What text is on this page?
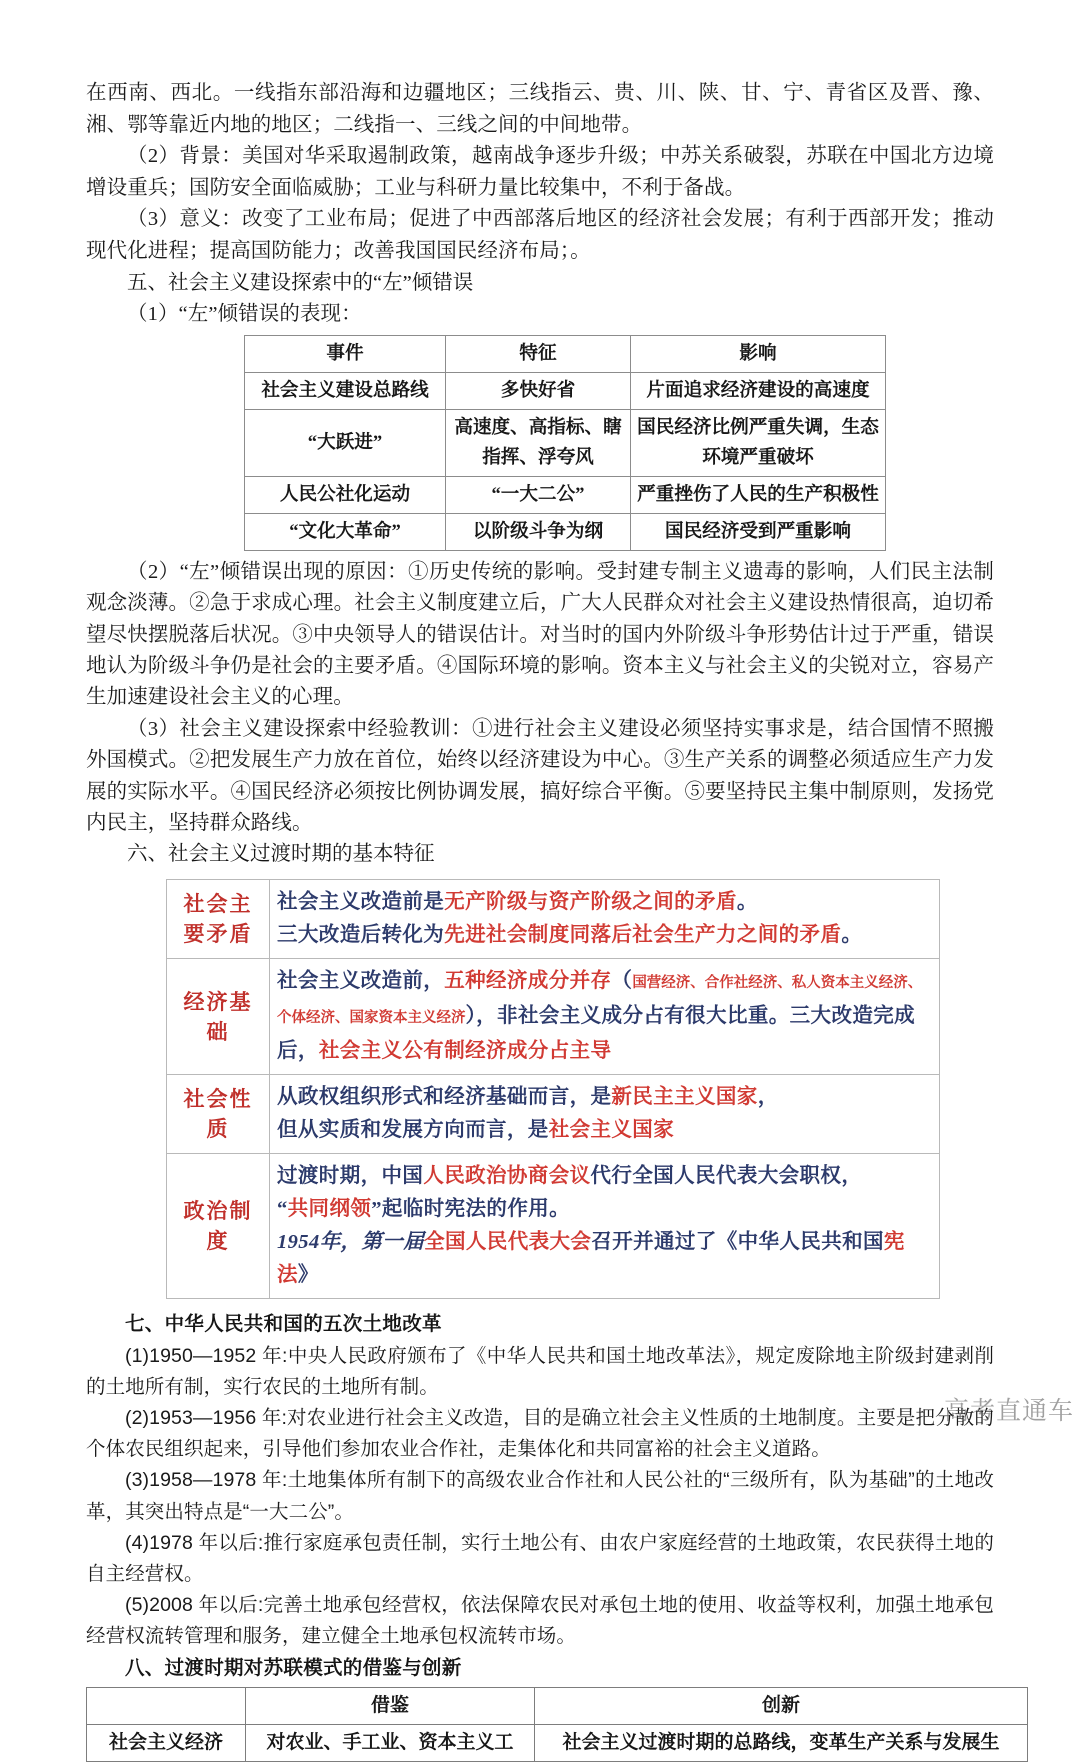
在西南、西北。一线指东部沿海和边疆地区；三线指云、贵、川、陕、甘、宁、青省区及晋、豫、湘、鄂等靠近内地的地区；二线指一、三线之间的中间地带。

（2）背景：美国对华采取遏制政策，越南战争逐步升级；中苏关系破裂，苏联在中国北方边境增设重兵；国防安全面临威胁；工业与科研力量比较集中，不利于备战。

（3）意义：改变了工业布局；促进了中西部落后地区的经济社会发展；有利于西部开发；推动现代化进程；提高国防能力；改善我国国民经济布局；。

五、社会主义建设探索中的“左”倾错误

（1）“左”倾错误的表现：

事件	特征	影响
社会主义建设总路线	多快好省	片面追求经济建设的高速度
“大跃进”	高速度、高指标、瞎指挥、浮夸风	国民经济比例严重失调，生态环境严重破坏
人民公社化运动	“一大二公”	严重挫伤了人民的生产积极性
“文化大革命”	以阶级斗争为纲	国民经济受到严重影响

（2）“左”倾错误出现的原因：①历史传统的影响。受封建专制主义遗毒的影响，人们民主法制观念淡薄。②急于求成心理。社会主义制度建立后，广大人民群众对社会主义建设热情很高，迫切希望尽快摆脱落后状况。③中央领导人的错误估计。对当时的国内外阶级斗争形势估计过于严重，错误地认为阶级斗争仍是社会的主要矛盾。④国际环境的影响。资本主义与社会主义的尖锐对立，容易产生加速建设社会主义的心理。

（3）社会主义建设探索中经验教训：①进行社会主义建设必须坚持实事求是，结合国情不照搬外国模式。②把发展生产力放在首位，始终以经济建设为中心。③生产关系的调整必须适应生产力发展的实际水平。④国民经济必须按比例协调发展，搞好综合平衡。⑤要坚持民主集中制原则，发扬党内民主，坚持群众路线。

六、社会主义过渡时期的基本特征
社会主要矛盾	社会主义改造前是无产阶级与资产阶级之间的矛盾。
三大改造后转化为先进社会制度同落后社会生产力之间的矛盾。

经济基础	社会主义改造前，五种经济成分并存（国营经济、合作社经济、私人资本主义经济、个体经济、国家资本主义经济），非社会主义成分占有很大比重。三大改造完成后，社会主义公有制经济成分占主导

社会性质	从政权组织形式和经济基础而言，是新民主主义国家，
但从实质和发展方向而言，是社会主义国家

政治制度	过渡时期，中国人民政治协商会议代行全国人民代表大会职权，
“共同纲领”起临时宪法的作用。
1954年，第一届全国人民代表大会召开并通过了《中华人民共和国宪法》
七、中华人民共和国的五次土地改革

(1)1950—1952 年:中央人民政府颁布了《中华人民共和国土地改革法》，规定废除地主阶级封建剥削的土地所有制，实行农民的土地所有制。

(2)1953—1956 年:对农业进行社会主义改造，目的是确立社会主义性质的土地制度。主要是把分散的个体农民组织起来，引导他们参加农业合作社，走集体化和共同富裕的社会主义道路。

(3)1958—1978 年:土地集体所有制下的高级农业合作社和人民公社的“三级所有，队为基础”的土地改革，其突出特点是“一大二公”。

(4)1978 年以后:推行家庭承包责任制，实行土地公有、由农户家庭经营的土地政策，农民获得土地的自主经营权。

(5)2008 年以后:完善土地承包经营权，依法保障农民对承包土地的使用、收益等权利，加强土地承包经营权流转管理和服务，建立健全土地承包权流转市场。

八、过渡时期对苏联模式的借鉴与创新
	借鉴	创新
社会主义经济	对农业、手工业、资本主义工	社会主义过渡时期的总路线，变革生产关系与发展生
高考直通车
